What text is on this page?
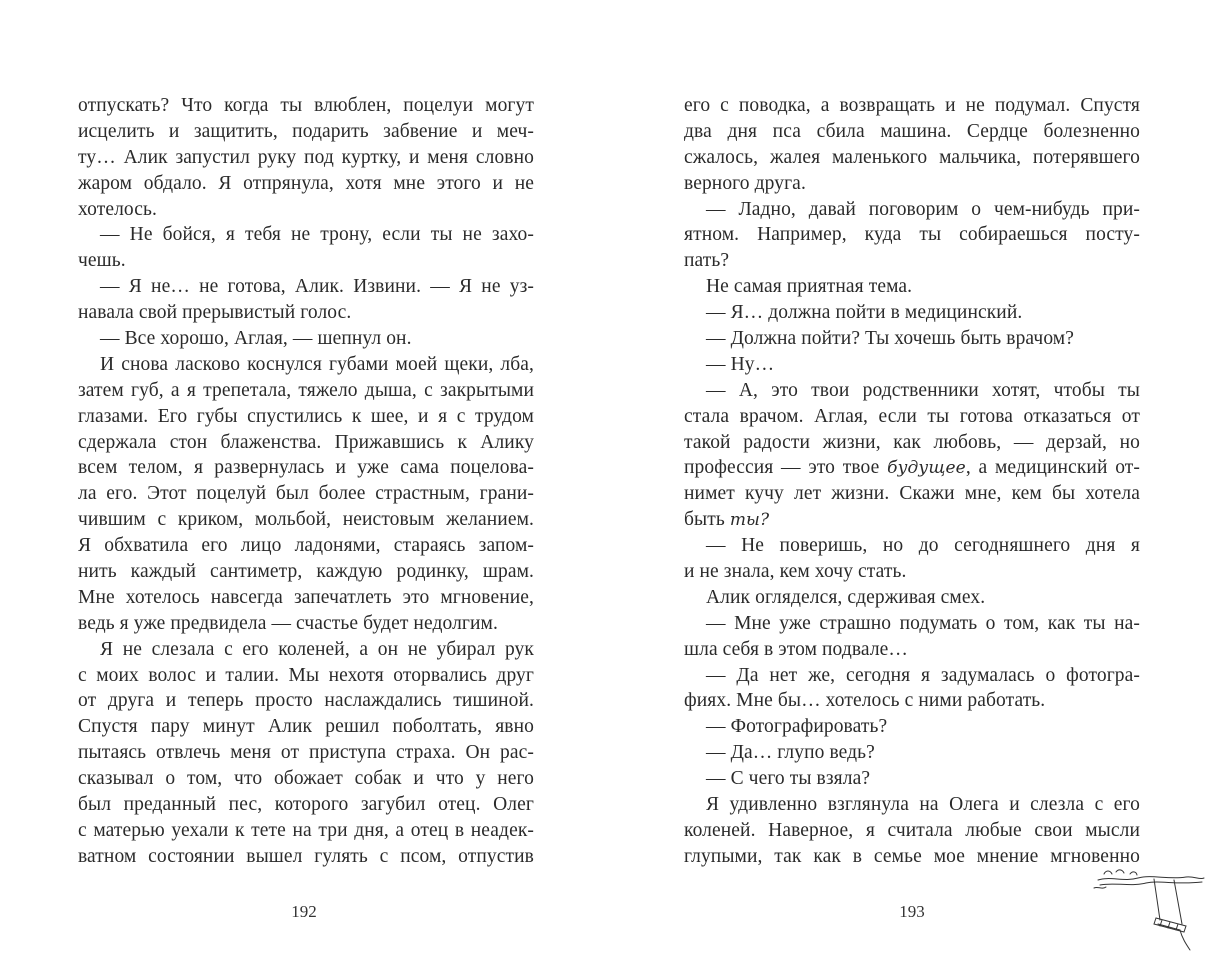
отпускать? Что когда ты влюблен, поцелуи могут
исцелить и защитить, подарить забвение и меч-
ту… Алик запустил руку под куртку, и меня словно
жаром обдало. Я отпрянула, хотя мне этого и не
хотелось.
— Не бойся, я тебя не трону, если ты не захо-
чешь.
— Я не… не готова, Алик. Извини. — Я не уз-
навала свой прерывистый голос.
— Все хорошо, Аглая, — шепнул он.
И снова ласково коснулся губами моей щеки, лба,
затем губ, а я трепетала, тяжело дыша, с закрытыми
глазами. Его губы спустились к шее, и я с трудом
сдержала стон блаженства. Прижавшись к Алику
всем телом, я развернулась и уже сама поцелова-
ла его. Этот поцелуй был более страстным, грани-
чившим с криком, мольбой, неистовым желанием.
Я обхватила его лицо ладонями, стараясь запом-
нить каждый сантиметр, каждую родинку, шрам.
Мне хотелось навсегда запечатлеть это мгновение,
ведь я уже предвидела — счастье будет недолгим.
Я не слезала с его коленей, а он не убирал рук
с моих волос и талии. Мы нехотя оторвались друг
от друга и теперь просто наслаждались тишиной.
Спустя пару минут Алик решил поболтать, явно
пытаясь отвлечь меня от приступа страха. Он рас-
сказывал о том, что обожает собак и что у него
был преданный пес, которого загубил отец. Олег
с матерью уехали к тете на три дня, а отец в неадек-
ватном состоянии вышел гулять с псом, отпустив
его с поводка, а возвращать и не подумал. Спустя
два дня пса сбила машина. Сердце болезненно
сжалось, жалея маленького мальчика, потерявшего
верного друга.
— Ладно, давай поговорим о чем-нибудь при-
ятном. Например, куда ты собираешься посту-
пать?
Не самая приятная тема.
— Я… должна пойти в медицинский.
— Должна пойти? Ты хочешь быть врачом?
— Ну…
— А, это твои родственники хотят, чтобы ты
стала врачом. Аглая, если ты готова отказаться от
такой радости жизни, как любовь, — дерзай, но
профессия — это твое будущее, а медицинский от-
нимет кучу лет жизни. Скажи мне, кем бы хотела
быть ты?
— Не поверишь, но до сегодняшнего дня я
и не знала, кем хочу стать.
Алик огляделся, сдерживая смех.
— Мне уже страшно подумать о том, как ты на-
шла себя в этом подвале…
— Да нет же, сегодня я задумалась о фотогра-
фиях. Мне бы… хотелось с ними работать.
— Фотографировать?
— Да… глупо ведь?
— С чего ты взяла?
Я удивленно взглянула на Олега и слезла с его
коленей. Наверное, я считала любые свои мысли
глупыми, так как в семье мое мнение мгновенно
192	193
